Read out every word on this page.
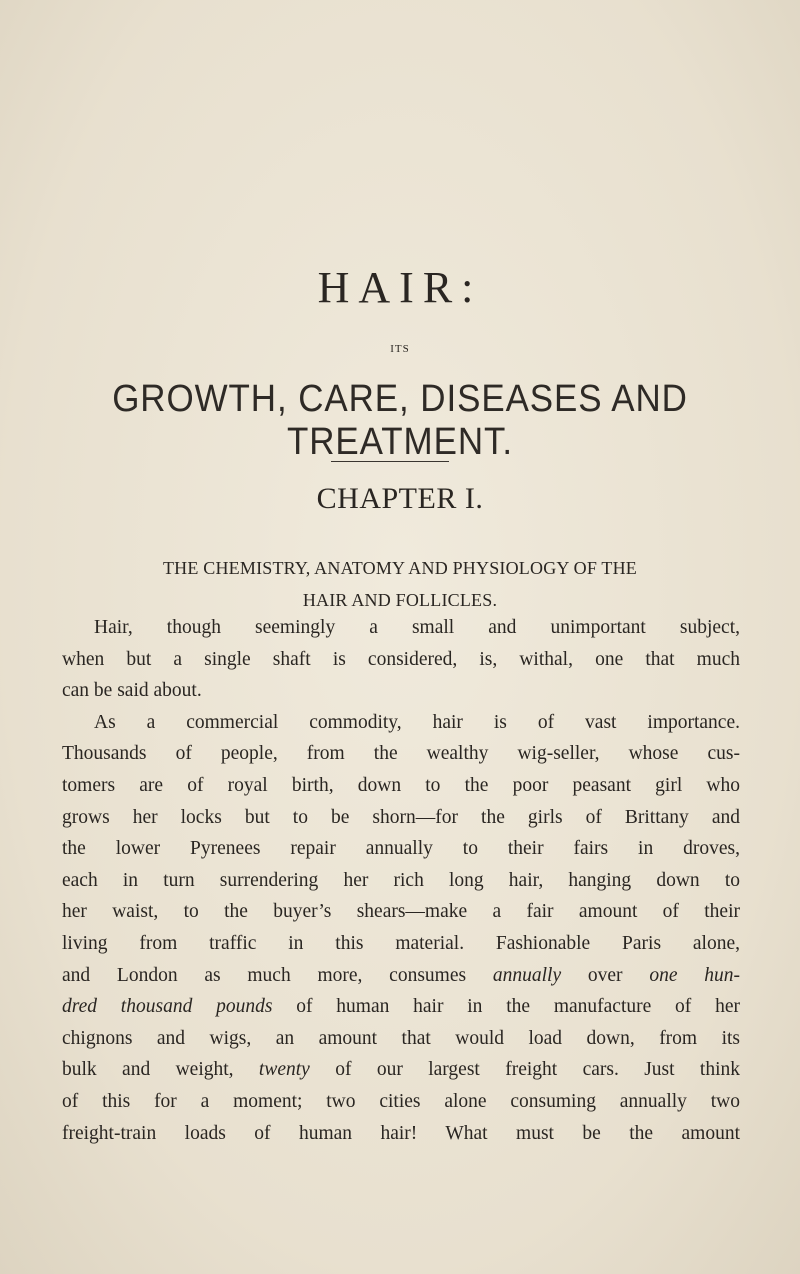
HAIR:
ITS
GROWTH, CARE, DISEASES AND TREATMENT.
CHAPTER I.
THE CHEMISTRY, ANATOMY AND PHYSIOLOGY OF THE
HAIR AND FOLLICLES.
Hair, though seemingly a small and unimportant subject,
when but a single shaft is considered, is, withal, one that much
can be said about.
As a commercial commodity, hair is of vast importance.
Thousands of people, from the wealthy wig-seller, whose cus-
tomers are of royal birth, down to the poor peasant girl who
grows her locks but to be shorn—for the girls of Brittany and
the lower Pyrenees repair annually to their fairs in droves,
each in turn surrendering her rich long hair, hanging down to
her waist, to the buyer’s shears—make a fair amount of their
living from traffic in this material. Fashionable Paris alone,
and London as much more, consumes annually over one hun-
dred thousand pounds of human hair in the manufacture of her
chignons and wigs, an amount that would load down, from its
bulk and weight, twenty of our largest freight cars. Just think
of this for a moment; two cities alone consuming annually two
freight-train loads of human hair! What must be the amount
